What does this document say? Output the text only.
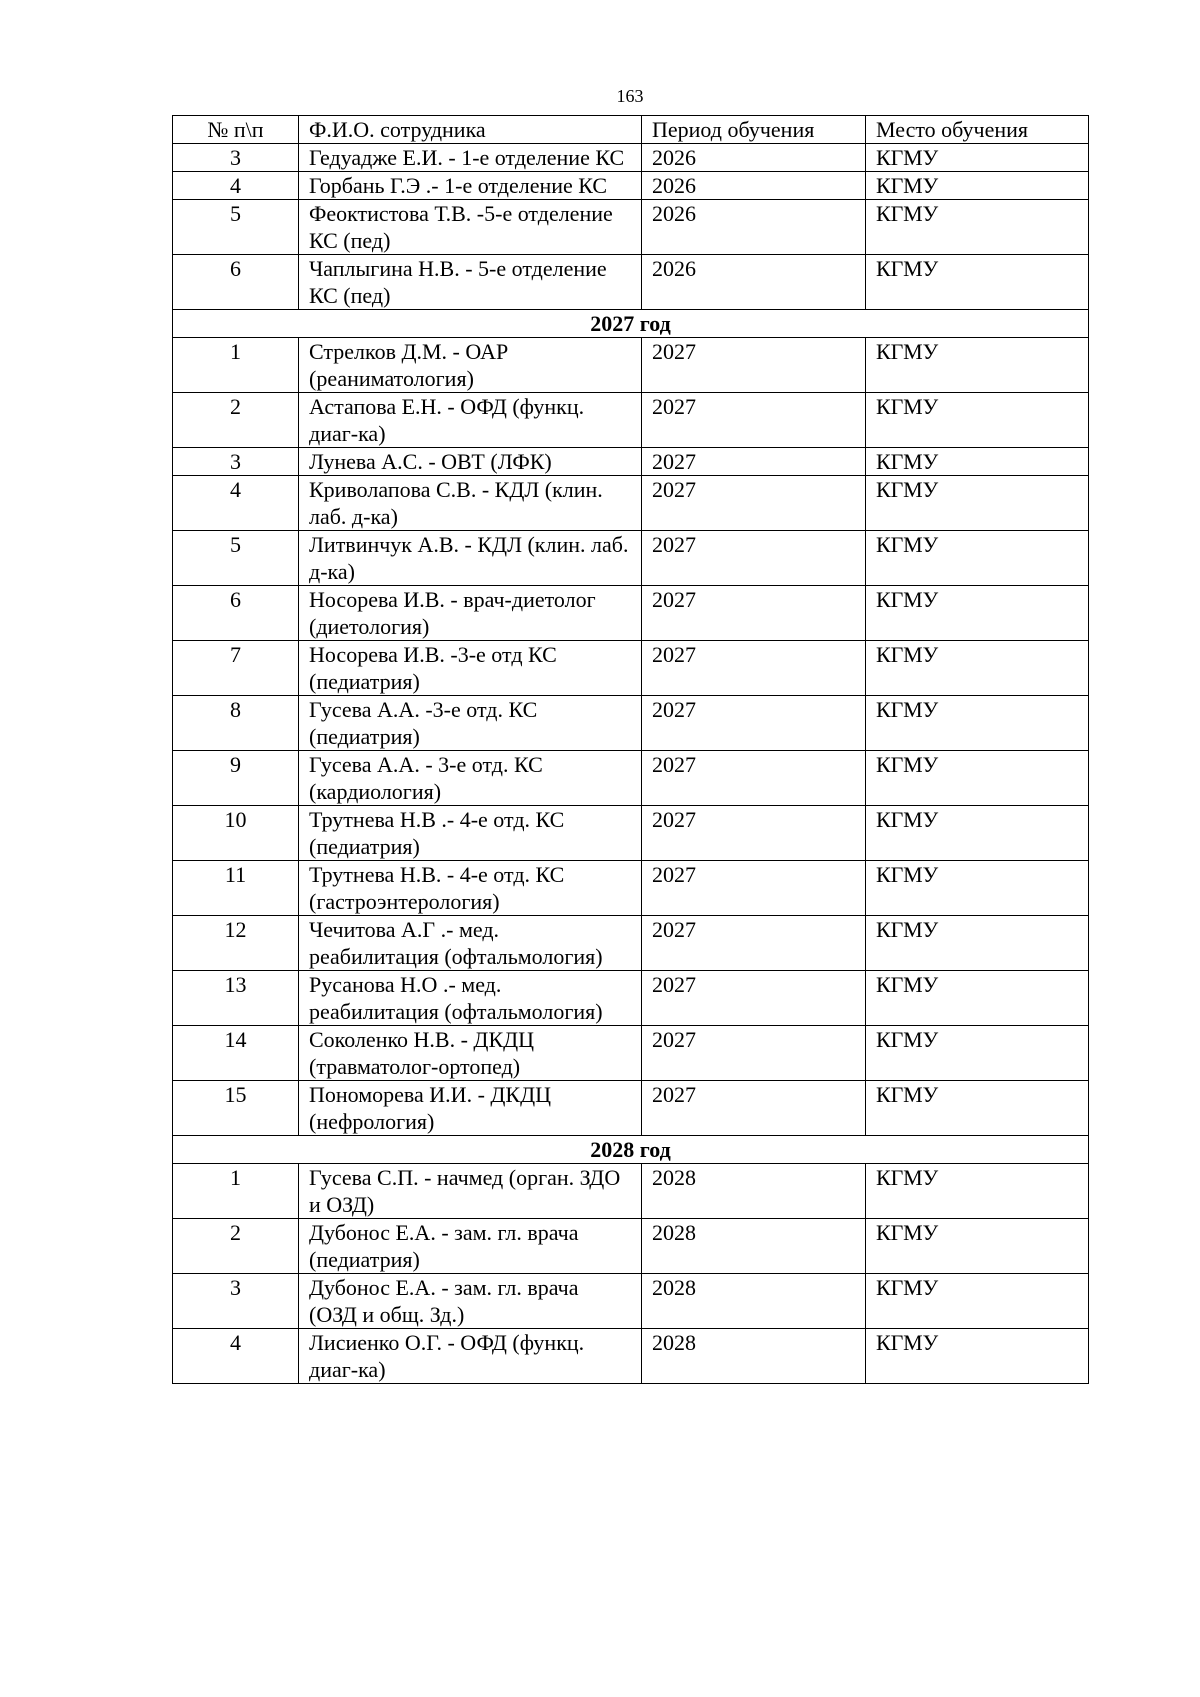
163
№ п\п	Ф.И.О. сотрудника	Период обучения	Место обучения
3	Гедуадже Е.И. - 1-е отделение КС	2026	КГМУ
4	Горбань Г.Э .- 1-е отделение КС	2026	КГМУ
5	Феоктистова Т.В. -5-е отделение КС (пед)	2026	КГМУ
6	Чаплыгина Н.В. - 5-е отделение КС (пед)	2026	КГМУ
2027 год			
1	Стрелков Д.М. - ОАР (реаниматология)	2027	КГМУ
2	Астапова Е.Н. - ОФД (функц. диаг-ка)	2027	КГМУ
3	Лунева А.С. - ОВТ (ЛФК)	2027	КГМУ
4	Криволапова С.В. - КДЛ (клин. лаб. д-ка)	2027	КГМУ
5	Литвинчук А.В. - КДЛ (клин. лаб. д-ка)	2027	КГМУ
6	Носорева И.В. - врач-диетолог (диетология)	2027	КГМУ
7	Носорева И.В. -3-е отд КС (педиатрия)	2027	КГМУ
8	Гусева А.А. -3-е отд. КС (педиатрия)	2027	КГМУ
9	Гусева А.А. - 3-е отд. КС (кардиология)	2027	КГМУ
10	Трутнева Н.В .- 4-е отд. КС (педиатрия)	2027	КГМУ
11	Трутнева Н.В. - 4-е отд. КС (гастроэнтерология)	2027	КГМУ
12	Чечитова А.Г .- мед. реабилитация (офтальмология)	2027	КГМУ
13	Русанова Н.О .- мед. реабилитация (офтальмология)	2027	КГМУ
14	Соколенко Н.В. - ДКДЦ (травматолог-ортопед)	2027	КГМУ
15	Пономорева И.И. - ДКДЦ (нефрология)	2027	КГМУ
2028 год			
1	Гусева С.П. - начмед (орган. ЗДО и ОЗД)	2028	КГМУ
2	Дубонос Е.А. - зам. гл. врача (педиатрия)	2028	КГМУ
3	Дубонос Е.А. - зам. гл. врача (ОЗД и общ. Зд.)	2028	КГМУ
4	Лисиенко О.Г. - ОФД (функц. диаг-ка)	2028	КГМУ
